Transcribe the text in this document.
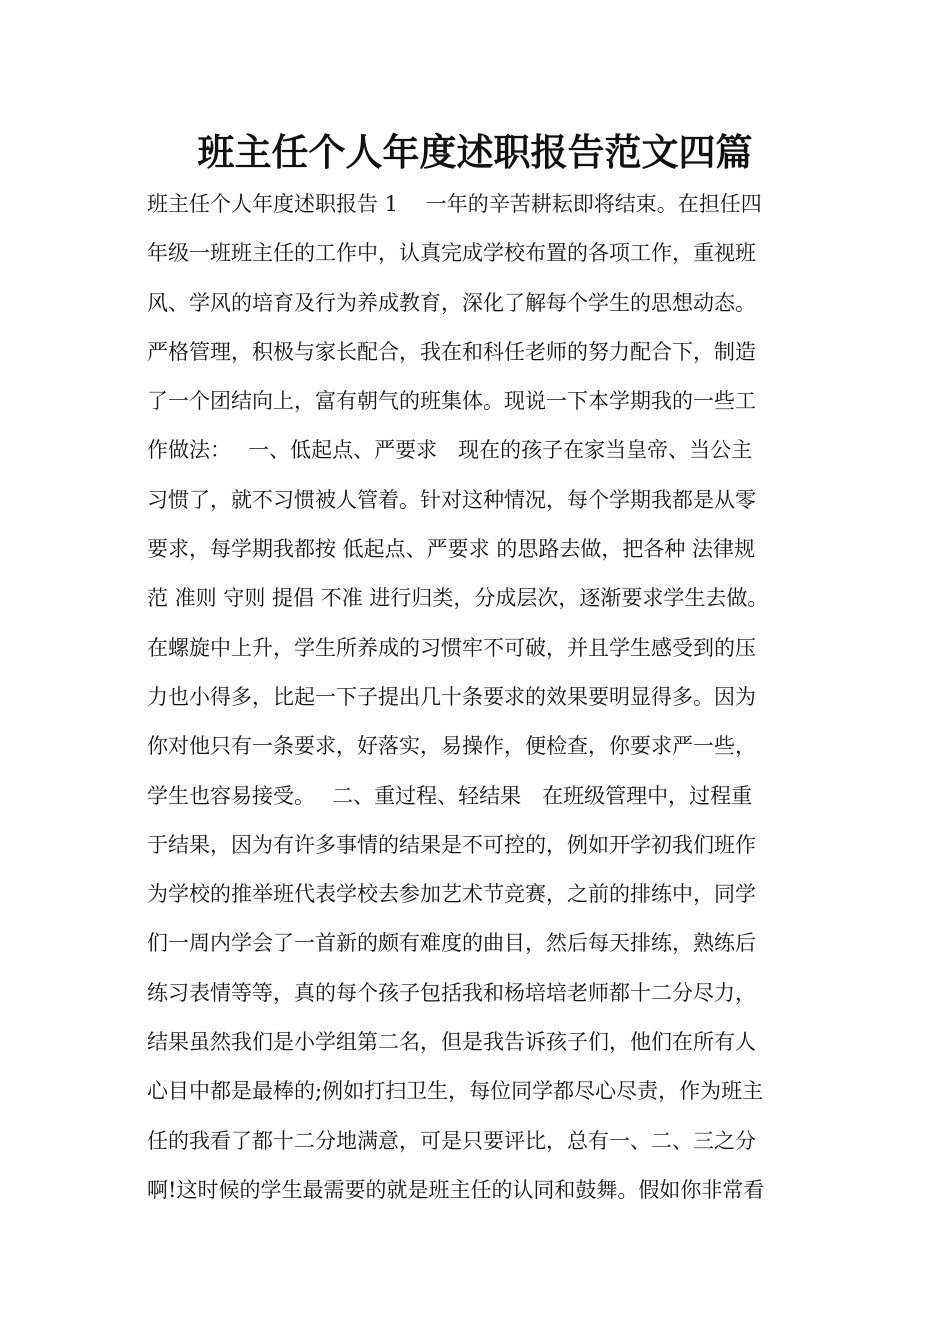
班主任个人年度述职报告范文四篇
班主任个人年度述职报告 1　 一年的辛苦耕耘即将结束。在担任四
年级一班班主任的工作中，认真完成学校布置的各项工作，重视班
风、学风的培育及行为养成教育，深化了解每个学生的思想动态。
严格管理，积极与家长配合，我在和科任老师的努力配合下，制造
了一个团结向上，富有朝气的班集体。现说一下本学期我的一些工
作做法：　 一、低起点、严要求　现在的孩子在家当皇帝、当公主
习惯了，就不习惯被人管着。针对这种情况，每个学期我都是从零
要求，每学期我都按 低起点、严要求 的思路去做，把各种 法律规
范 准则 守则 提倡 不准 进行归类，分成层次，逐渐要求学生去做。
在螺旋中上升，学生所养成的习惯牢不可破，并且学生感受到的压
力也小得多，比起一下子提出几十条要求的效果要明显得多。因为
你对他只有一条要求，好落实，易操作，便检查，你要求严一些，
学生也容易接受。　 二、重过程、轻结果　在班级管理中，过程重
于结果，因为有许多事情的结果是不可控的，例如开学初我们班作
为学校的推举班代表学校去参加艺术节竞赛，之前的排练中，同学
们一周内学会了一首新的颇有难度的曲目，然后每天排练，熟练后
练习表情等等，真的每个孩子包括我和杨培培老师都十二分尽力，
结果虽然我们是小学组第二名，但是我告诉孩子们，他们在所有人
心目中都是最棒的;例如打扫卫生，每位同学都尽心尽责，作为班主
任的我看了都十二分地满意，可是只要评比，总有一、二、三之分
啊!这时候的学生最需要的就是班主任的认同和鼓舞。假如你非常看
